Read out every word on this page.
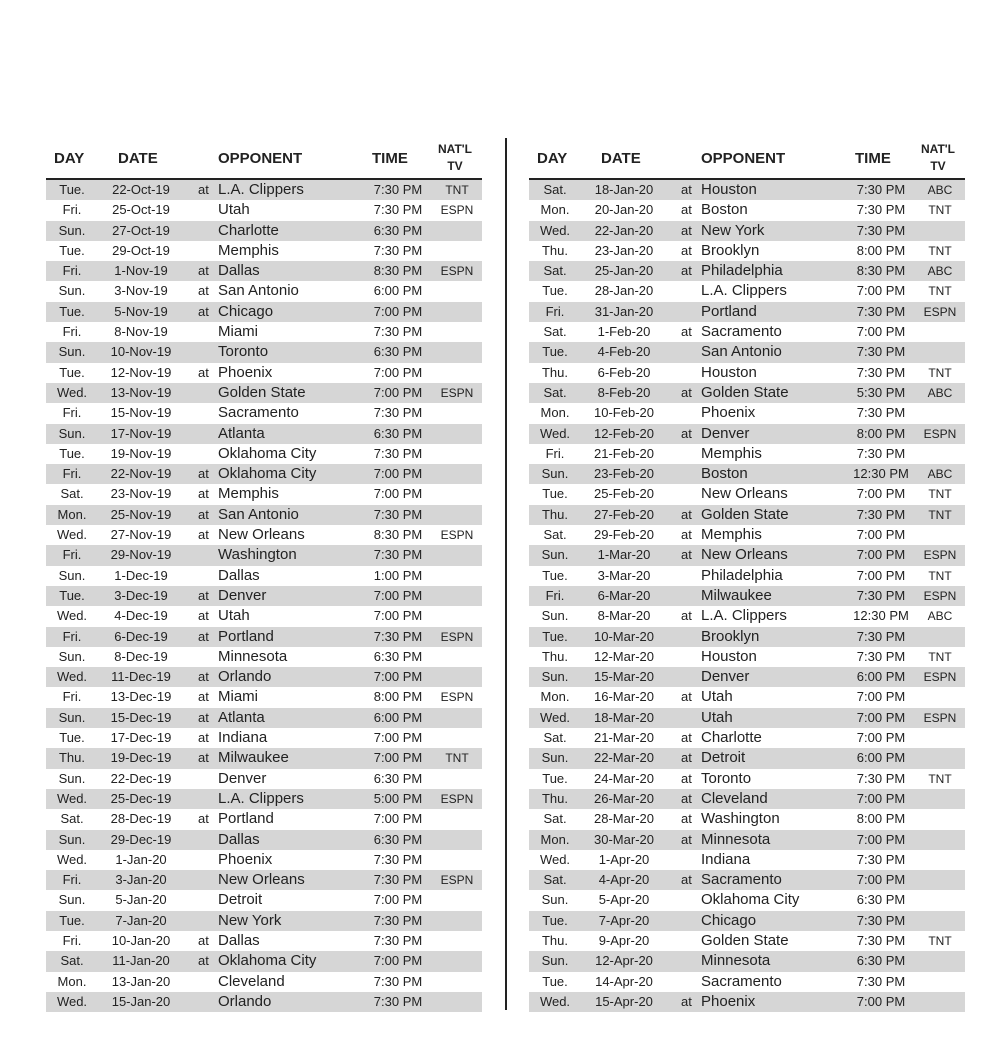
DAY DATE	OPPONENT	TIME
NAT'L TV
Tue.	22-Oct-19	at L.A. Clippers	7:30 PM	TNT
Fri.	25-Oct-19	Utah	7:30 PM	ESPN
Sun.	27-Oct-19	Charlotte	6:30 PM
Tue.	29-Oct-19	Memphis	7:30 PM
Fri.	1-Nov-19	at Dallas	8:30 PM	ESPN
Sun.	3-Nov-19	at San Antonio	6:00 PM
Tue.	5-Nov-19	at Chicago	7:00 PM
Fri.	8-Nov-19	Miami	7:30 PM
Sun.	10-Nov-19	Toronto	6:30 PM
Tue.	12-Nov-19	at Phoenix	7:00 PM
Wed.	13-Nov-19	Golden State	7:00 PM	ESPN
Fri.	15-Nov-19	Sacramento	7:30 PM
Sun.	17-Nov-19	Atlanta	6:30 PM
Tue.	19-Nov-19	Oklahoma City	7:30 PM
Fri.	22-Nov-19	at Oklahoma City	7:00 PM
Sat.	23-Nov-19	at Memphis	7:00 PM
Mon.	25-Nov-19	at San Antonio	7:30 PM
Wed.	27-Nov-19	at New Orleans	8:30 PM	ESPN
Fri.	29-Nov-19	Washington	7:30 PM
Sun.	1-Dec-19	Dallas	1:00 PM
Tue.	3-Dec-19	at Denver	7:00 PM
Wed.	4-Dec-19	at Utah	7:00 PM
Fri.	6-Dec-19	at Portland	7:30 PM	ESPN
Sun.	8-Dec-19	Minnesota	6:30 PM
Wed.	11-Dec-19	at Orlando	7:00 PM
Fri.	13-Dec-19	at Miami	8:00 PM	ESPN
Sun.	15-Dec-19	at Atlanta	6:00 PM
Tue.	17-Dec-19	at Indiana	7:00 PM
Thu.	19-Dec-19	at Milwaukee	7:00 PM	TNT
Sun.	22-Dec-19	Denver	6:30 PM
Wed.	25-Dec-19	L.A. Clippers	5:00 PM	ESPN
Sat.	28-Dec-19	at Portland	7:00 PM
Sun.	29-Dec-19	Dallas	6:30 PM
Wed.	1-Jan-20	Phoenix	7:30 PM
Fri.	3-Jan-20	New Orleans	7:30 PM	ESPN
Sun.	5-Jan-20	Detroit	7:00 PM
Tue.	7-Jan-20	New York	7:30 PM
Fri.	10-Jan-20	at Dallas	7:30 PM
Sat.	11-Jan-20	at Oklahoma City	7:00 PM
Mon.	13-Jan-20	Cleveland	7:30 PM
Wed.	15-Jan-20	Orlando	7:30 PM
DAY DATE	OPPONENT	TIME
NAT'L TV
Sat.	18-Jan-20	at Houston	7:30 PM	ABC
Mon.	20-Jan-20	at Boston	7:30 PM	TNT
Wed.	22-Jan-20	at New York	7:30 PM
Thu.	23-Jan-20	at Brooklyn	8:00 PM	TNT
Sat.	25-Jan-20	at Philadelphia	8:30 PM	ABC
Tue.	28-Jan-20	L.A. Clippers	7:00 PM	TNT
Fri.	31-Jan-20	Portland	7:30 PM	ESPN
Sat.	1-Feb-20	at Sacramento	7:00 PM
Tue.	4-Feb-20	San Antonio	7:30 PM
Thu.	6-Feb-20	Houston	7:30 PM	TNT
Sat.	8-Feb-20	at Golden State	5:30 PM	ABC
Mon.	10-Feb-20	Phoenix	7:30 PM
Wed.	12-Feb-20	at Denver	8:00 PM	ESPN
Fri.	21-Feb-20	Memphis	7:30 PM
Sun.	23-Feb-20	Boston	12:30 PM	ABC
Tue.	25-Feb-20	New Orleans	7:00 PM	TNT
Thu.	27-Feb-20	at Golden State	7:30 PM	TNT
Sat.	29-Feb-20	at Memphis	7:00 PM
Sun.	1-Mar-20	at New Orleans	7:00 PM	ESPN
Tue.	3-Mar-20	Philadelphia	7:00 PM	TNT
Fri.	6-Mar-20	Milwaukee	7:30 PM	ESPN
Sun.	8-Mar-20	at L.A. Clippers	12:30 PM	ABC
Tue.	10-Mar-20	Brooklyn	7:30 PM
Thu.	12-Mar-20	Houston	7:30 PM	TNT
Sun.	15-Mar-20	Denver	6:00 PM	ESPN
Mon.	16-Mar-20	at Utah	7:00 PM
Wed.	18-Mar-20	Utah	7:00 PM	ESPN
Sat.	21-Mar-20	at Charlotte	7:00 PM
Sun.	22-Mar-20	at Detroit	6:00 PM
Tue.	24-Mar-20	at Toronto	7:30 PM	TNT
Thu.	26-Mar-20	at Cleveland	7:00 PM
Sat.	28-Mar-20	at Washington	8:00 PM
Mon.	30-Mar-20	at Minnesota	7:00 PM
Wed.	1-Apr-20	Indiana	7:30 PM
Sat.	4-Apr-20	at Sacramento	7:00 PM
Sun.	5-Apr-20	Oklahoma City	6:30 PM
Tue.	7-Apr-20	Chicago	7:30 PM
Thu.	9-Apr-20	Golden State	7:30 PM	TNT
Sun.	12-Apr-20	Minnesota	6:30 PM
Tue.	14-Apr-20	Sacramento	7:30 PM
Wed.	15-Apr-20	at Phoenix	7:00 PM
